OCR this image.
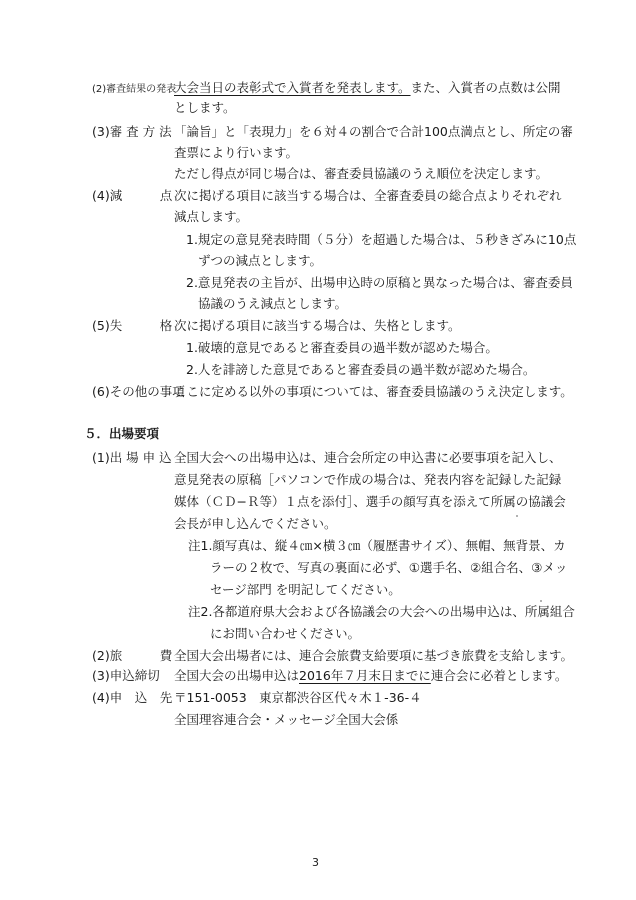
(2)審査結果の発表
大会当日の表彰式で入賞者を発表します。また、入賞者の点数は公開
とします。
(3)審 査 方 法 「論旨」と「表現力」を６対４の割合で合計100点満点とし、所定の審
査票により行います。
ただし得点が同じ場合は、審査委員協議のうえ順位を決定します。
(4)減　　　点 次に掲げる項目に該当する場合は、全審査委員の総合点よりそれぞれ
減点します。
1.規定の意見発表時間（５分）を超過した場合は、５秒きざみに10点
ずつの減点とします。
2.意見発表の主旨が、出場申込時の原稿と異なった場合は、審査委員
協議のうえ減点とします。
(5)失　　　格 次に掲げる項目に該当する場合は、失格とします。
1.破壊的意見であると審査委員の過半数が認めた場合。
2.人を誹謗した意見であると審査委員の過半数が認めた場合。
(6)その他の事項
ここに定める以外の事項については、審査委員協議のうえ決定します。
５．出場要項
(1)出 場 申 込 全国大会への出場申込は、連合会所定の申込書に必要事項を記入し、
意見発表の原稿［パソコンで作成の場合は、発表内容を記録した記録
媒体（ＣＤ−Ｒ等）１点を添付］、選手の顔写真を添えて所属の協議会
会長が申し込んでください。
注1.顔写真は、縦４㎝×横３㎝（履歴書サイズ）、無帽、無背景、カ
ラーの２枚で、写真の裏面に必ず、①選手名、②組合名、③メッ
セージ部門 を明記してください。
注2.各都道府県大会および各協議会の大会への出場申込は、所属組合
にお問い合わせください。
(2)旅　　　費 全国大会出場者には、連合会旅費支給要項に基づき旅費を支給します。
(3)申込締切 全国大会の出場申込は2016年７月末日までに連合会に必着とします。
(4)申　込　先 〒151-0053　東京都渋谷区代々木１-36-４
全国理容連合会・メッセージ全国大会係
3
